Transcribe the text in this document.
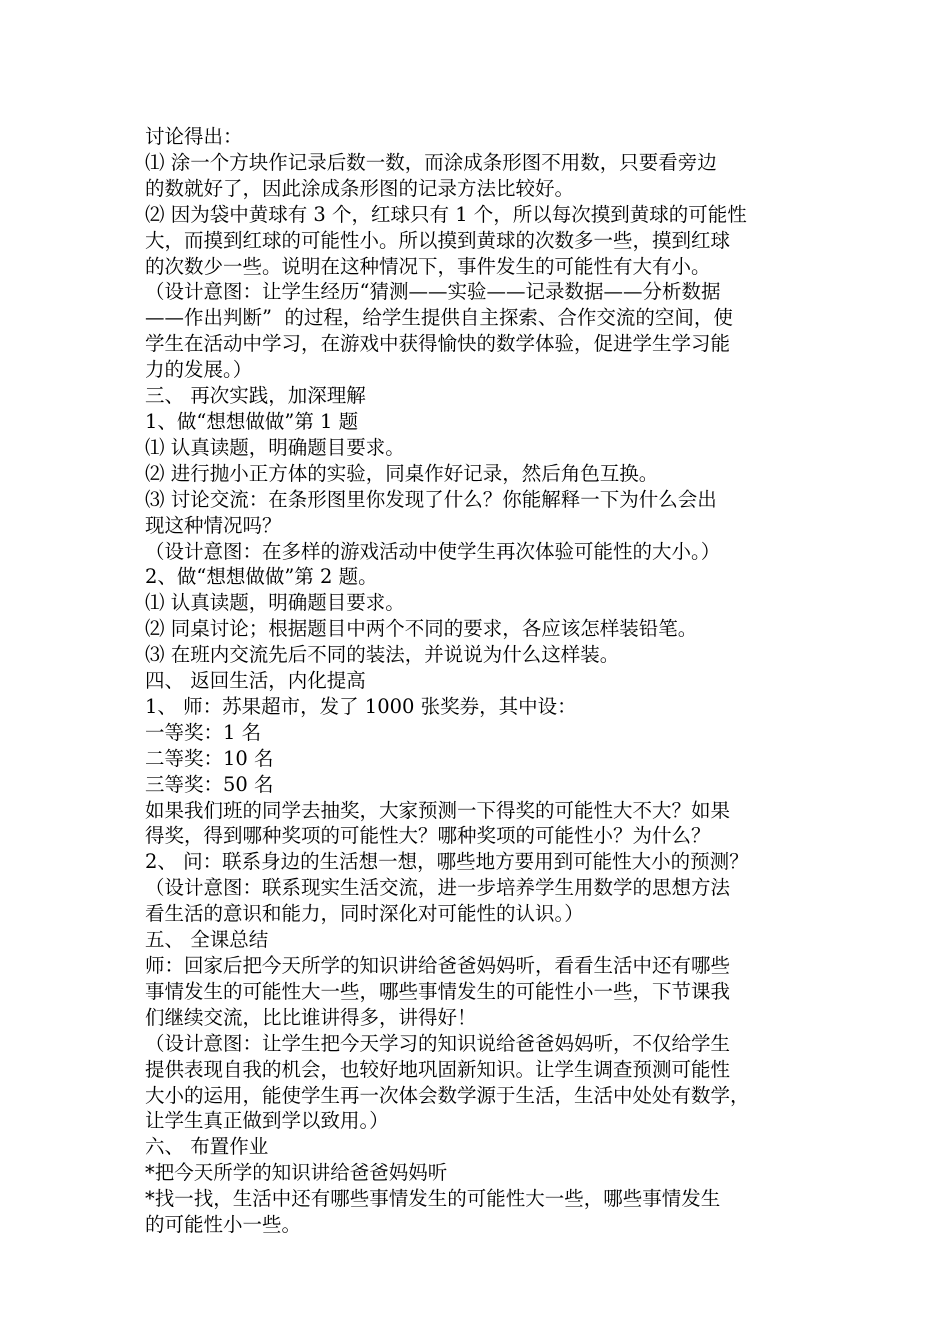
讨论得出：
⑴ 涂一个方块作记录后数一数，而涂成条形图不用数，只要看旁边
的数就好了，因此涂成条形图的记录方法比较好。
⑵ 因为袋中黄球有 3 个，红球只有 1 个，所以每次摸到黄球的可能性
大，而摸到红球的可能性小。所以摸到黄球的次数多一些，摸到红球
的次数少一些。说明在这种情况下，事件发生的可能性有大有小。
（设计意图：让学生经历“猜测——实验——记录数据——分析数据
——作出判断”  的过程，给学生提供自主探索、合作交流的空间，使
学生在活动中学习，在游戏中获得愉快的数学体验，促进学生学习能
力的发展。）
三、 再次实践，加深理解
1、做“想想做做”第 1 题
⑴ 认真读题，明确题目要求。
⑵ 进行抛小正方体的实验，同桌作好记录，然后角色互换。
⑶ 讨论交流：在条形图里你发现了什么？你能解释一下为什么会出
现这种情况吗？
（设计意图：在多样的游戏活动中使学生再次体验可能性的大小。）
2、做“想想做做”第 2 题。
⑴ 认真读题，明确题目要求。
⑵ 同桌讨论；根据题目中两个不同的要求，各应该怎样装铅笔。
⑶ 在班内交流先后不同的装法，并说说为什么这样装。
四、 返回生活，内化提高
1、 师：苏果超市，发了 1000 张奖券，其中设：
一等奖：1 名
二等奖：10 名
三等奖：50 名
如果我们班的同学去抽奖，大家预测一下得奖的可能性大不大？如果
得奖，得到哪种奖项的可能性大？哪种奖项的可能性小？为什么？
2、 问：联系身边的生活想一想，哪些地方要用到可能性大小的预测？
（设计意图：联系现实生活交流，进一步培养学生用数学的思想方法
看生活的意识和能力，同时深化对可能性的认识。）
五、 全课总结
师：回家后把今天所学的知识讲给爸爸妈妈听，看看生活中还有哪些
事情发生的可能性大一些，哪些事情发生的可能性小一些，下节课我
们继续交流，比比谁讲得多，讲得好！
（设计意图：让学生把今天学习的知识说给爸爸妈妈听，不仅给学生
提供表现自我的机会，也较好地巩固新知识。让学生调查预测可能性
大小的运用，能使学生再一次体会数学源于生活，生活中处处有数学，
让学生真正做到学以致用。）
六、 布置作业
*把今天所学的知识讲给爸爸妈妈听
*找一找，生活中还有哪些事情发生的可能性大一些，哪些事情发生
的可能性小一些。
